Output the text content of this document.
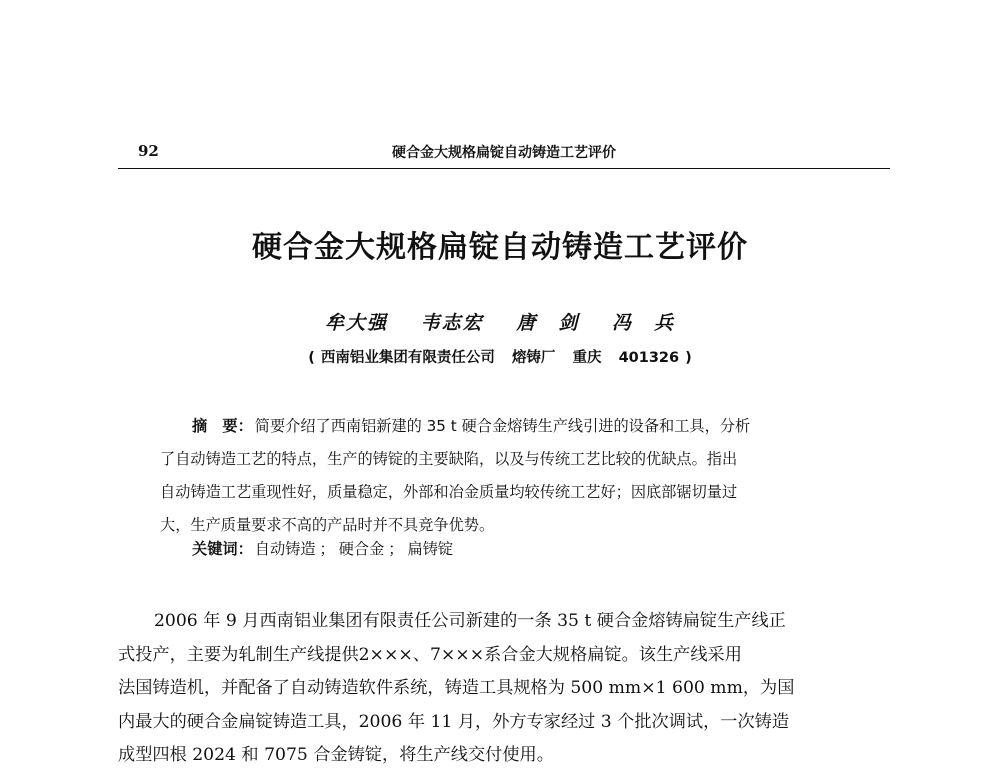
92	硬合金大规格扁锭自动铸造工艺评价
硬合金大规格扁锭自动铸造工艺评价
牟大强 韦志宏 唐　剑 冯　兵
( 西南铝业集团有限责任公司 熔铸厂 重庆 401326 )
摘　要： 简要介绍了西南铝新建的 35 t 硬合金熔铸生产线引进的设备和工具，分析
了自动铸造工艺的特点，生产的铸锭的主要缺陷，以及与传统工艺比较的优缺点。指出
自动铸造工艺重现性好，质量稳定，外部和冶金质量均较传统工艺好；因底部锯切量过
大，生产质量要求不高的产品时并不具竞争优势。
关键词： 自动铸造 ； 硬合金 ； 扁铸锭
2006 年 9 月西南铝业集团有限责任公司新建的一条 35 t 硬合金熔铸扁锭生产线正
式投产，主要为轧制生产线提供2×××、7×××系合金大规格扁锭。该生产线采用
法国铸造机，并配备了自动铸造软件系统，铸造工具规格为 500 mm×1 600 mm，为国
内最大的硬合金扁锭铸造工具，2006 年 11 月，外方专家经过 3 个批次调试，一次铸造
成型四根 2024 和 7075 合金铸锭，将生产线交付使用。
